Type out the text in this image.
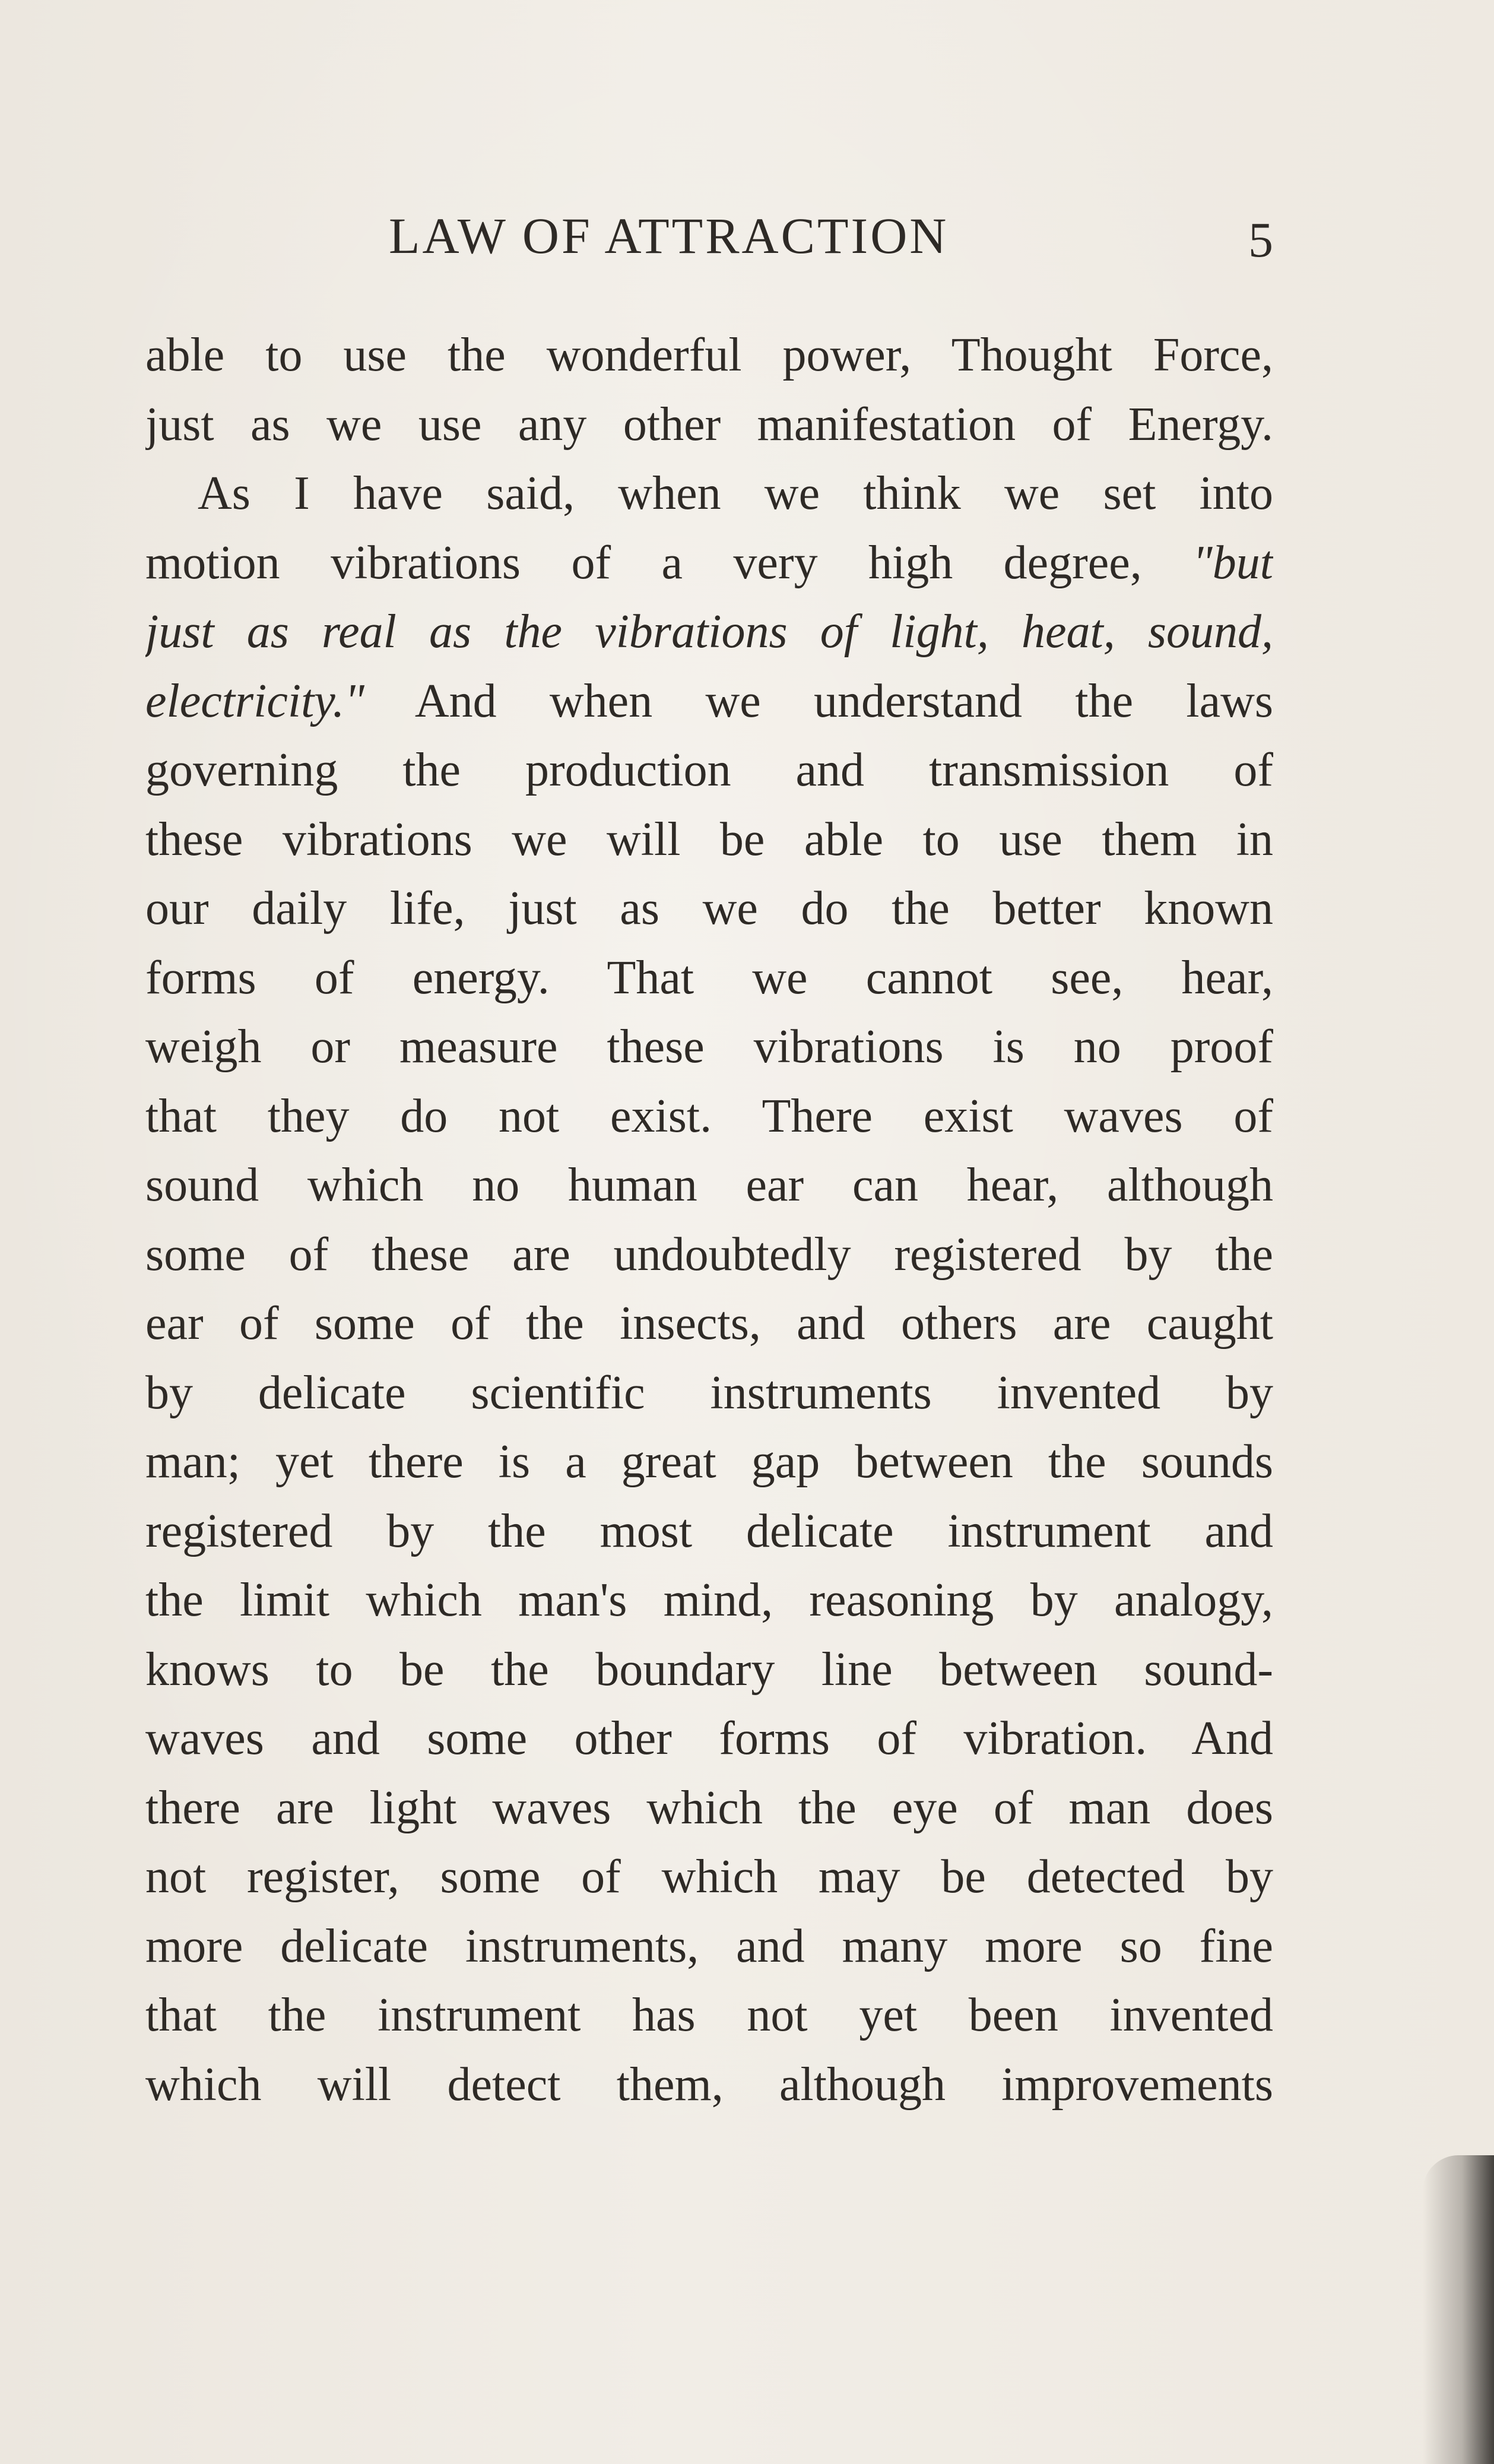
LAW OF ATTRACTION	5
able to use the wonderful power, Thought Force,
just as we use any other manifestation of Energy.
As I have said, when we think we set into
motion vibrations of a very high degree, "but
just as real as the vibrations of light, heat, sound,
electricity." And when we understand the laws
governing the production and transmission of
these vibrations we will be able to use them in
our daily life, just as we do the better known
forms of energy. That we cannot see, hear,
weigh or measure these vibrations is no proof
that they do not exist. There exist waves of
sound which no human ear can hear, although
some of these are undoubtedly registered by the
ear of some of the insects, and others are caught
by delicate scientific instruments invented by
man; yet there is a great gap between the sounds
registered by the most delicate instrument and
the limit which man's mind, reasoning by analogy,
knows to be the boundary line between sound-
waves and some other forms of vibration. And
there are light waves which the eye of man does
not register, some of which may be detected by
more delicate instruments, and many more so fine
that the instrument has not yet been invented
which will detect them, although improvements
